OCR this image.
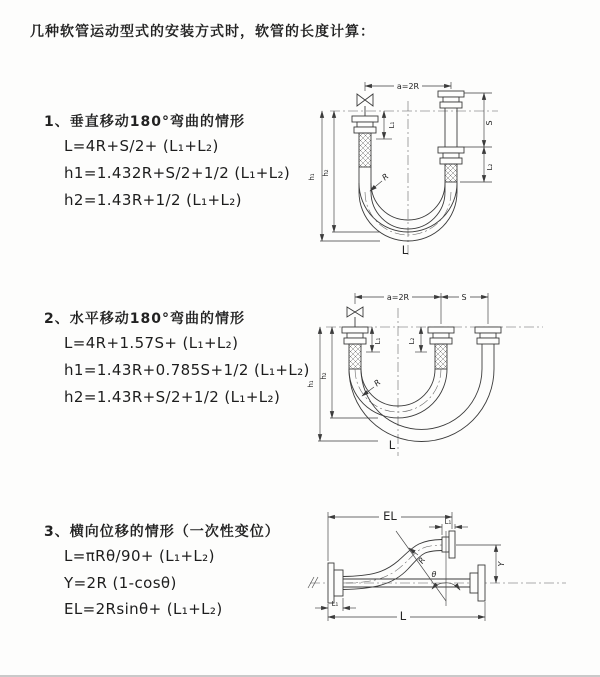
几种软管运动型式的安装方式时，软管的长度计算：
1、垂直移动180°弯曲的情形
L=4R+S/2+ (L₁+L₂)
h1=1.432R+S/2+1/2 (L₁+L₂)
h2=1.43R+1/2 (L₁+L₂)
2、水平移动180°弯曲的情形
L=4R+1.57S+ (L₁+L₂)
h1=1.43R+0.785S+1/2 (L₁+L₂)
h2=1.43R+S/2+1/2 (L₁+L₂)
3、横向位移的情形（一次性变位）
L=πRθ/90+ (L₁+L₂)
Y=2R (1-cosθ)
EL=2Rsinθ+ (L₁+L₂)
a=2R
h₁
h₂
L₁	S
L₂
R
L
a=2R	S
h₁
h₂
L₁	L₂
R
L
EL	L₁
Y
L
L₁
θ
R
